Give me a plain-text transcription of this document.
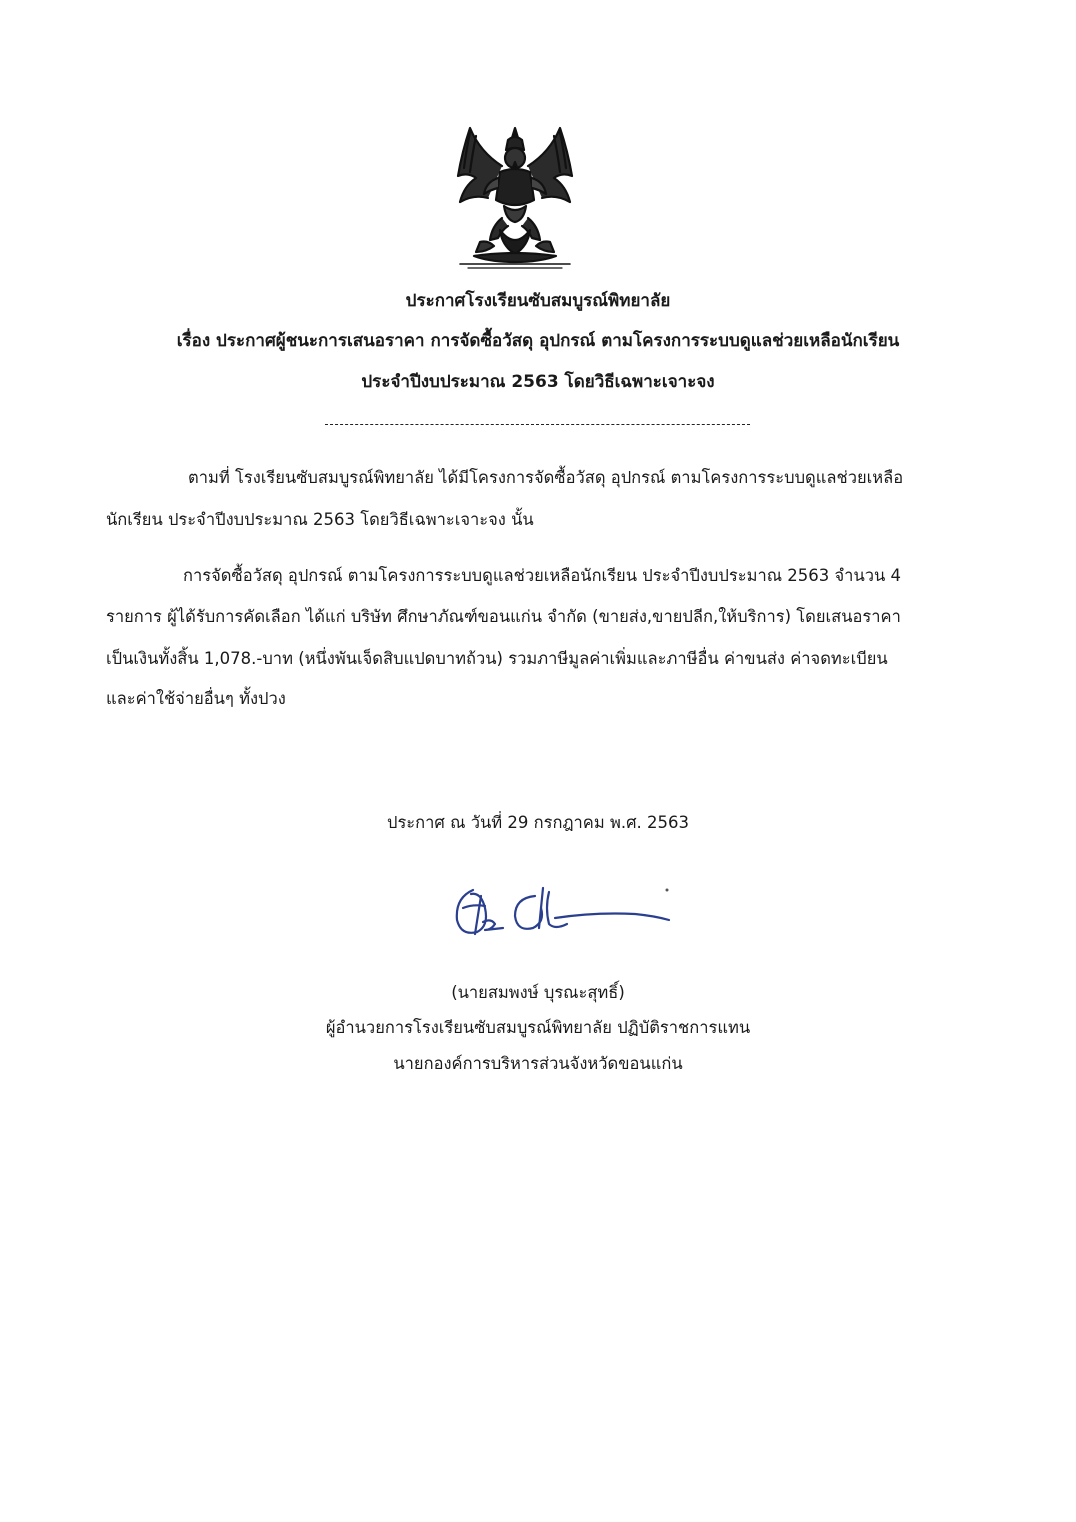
ประกาศโรงเรียนซับสมบูรณ์พิทยาลัย
เรื่อง ประกาศผู้ชนะการเสนอราคา การจัดซื้อวัสดุ อุปกรณ์ ตามโครงการระบบดูแลช่วยเหลือนักเรียน
ประจำปีงบประมาณ 2563 โดยวิธีเฉพาะเจาะจง
ตามที่ โรงเรียนซับสมบูรณ์พิทยาลัย ได้มีโครงการจัดซื้อวัสดุ อุปกรณ์ ตามโครงการระบบดูแลช่วยเหลือ
นักเรียน ประจำปีงบประมาณ 2563 โดยวิธีเฉพาะเจาะจง นั้น
การจัดซื้อวัสดุ อุปกรณ์ ตามโครงการระบบดูแลช่วยเหลือนักเรียน ประจำปีงบประมาณ 2563 จำนวน 4
รายการ ผู้ได้รับการคัดเลือก ได้แก่ บริษัท ศึกษาภัณฑ์ขอนแก่น จำกัด (ขายส่ง,ขายปลีก,ให้บริการ) โดยเสนอราคา
เป็นเงินทั้งสิ้น 1,078.-บาท (หนึ่งพันเจ็ดสิบแปดบาทถ้วน) รวมภาษีมูลค่าเพิ่มและภาษีอื่น ค่าขนส่ง ค่าจดทะเบียน
และค่าใช้จ่ายอื่นๆ ทั้งปวง
ประกาศ ณ วันที่ 29 กรกฎาคม พ.ศ. 2563
(นายสมพงษ์ บุรณะสุทธิ์)
ผู้อำนวยการโรงเรียนซับสมบูรณ์พิทยาลัย ปฏิบัติราชการแทน
นายกองค์การบริหารส่วนจังหวัดขอนแก่น
